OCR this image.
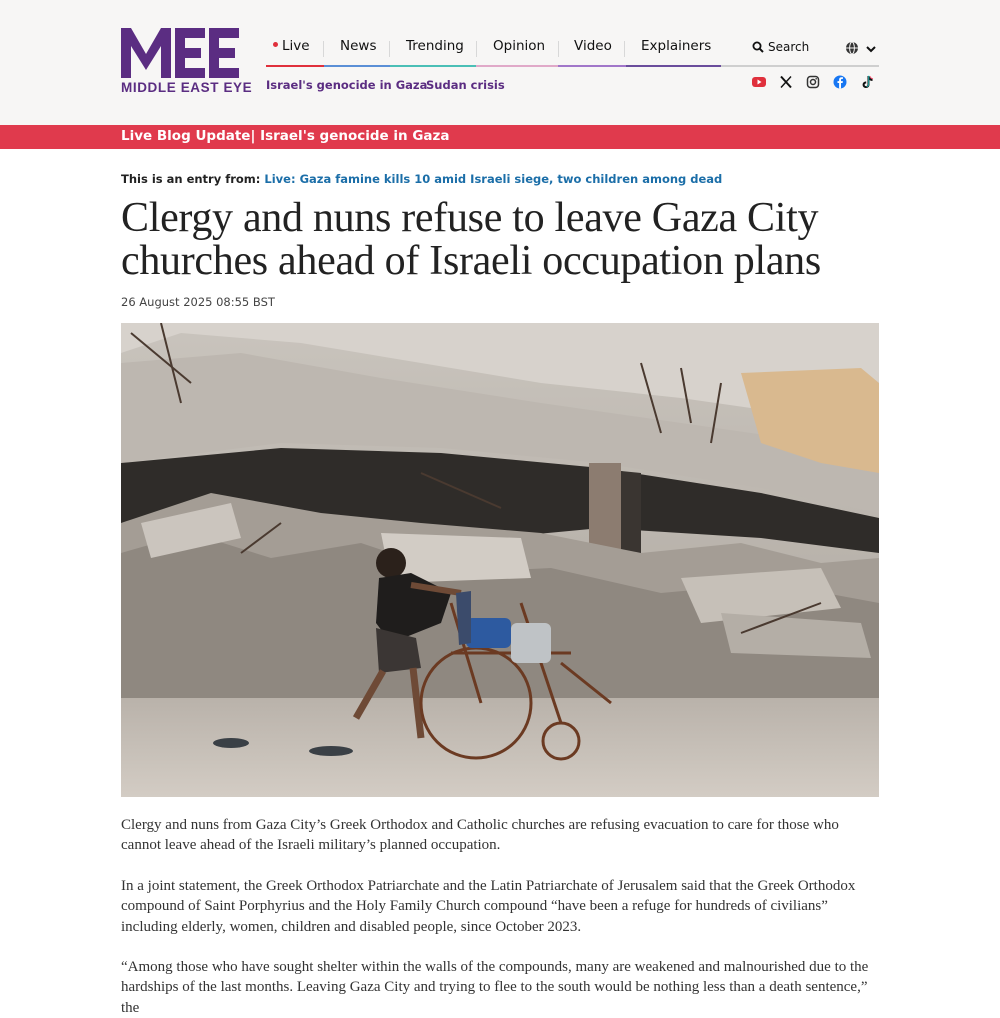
MIDDLE EAST EYE
Live News Trending Opinion Video Explainers	Search

Israel's genocide in Gaza
Sudan crisis
Live Blog Update| Israel's genocide in Gaza
This is an entry from: Live: Gaza famine kills 10 amid Israeli siege, two children among dead
Clergy and nuns refuse to leave Gaza City churches ahead of Israeli occupation plans
26 August 2025 08:55 BST

Clergy and nuns from Gaza City’s Greek Orthodox and Catholic churches are refusing evacuation to care for those who cannot leave ahead of the Israeli military’s planned occupation.

In a joint statement, the Greek Orthodox Patriarchate and the Latin Patriarchate of Jerusalem said that the Greek Orthodox compound of Saint Porphyrius and the Holy Family Church compound “have been a refuge for hundreds of civilians” including elderly, women, children and disabled people, since October 2023.

“Among those who have sought shelter within the walls of the compounds, many are weakened and malnourished due to the hardships of the last months. Leaving Gaza City and trying to flee to the south would be nothing less than a death sentence,” the
